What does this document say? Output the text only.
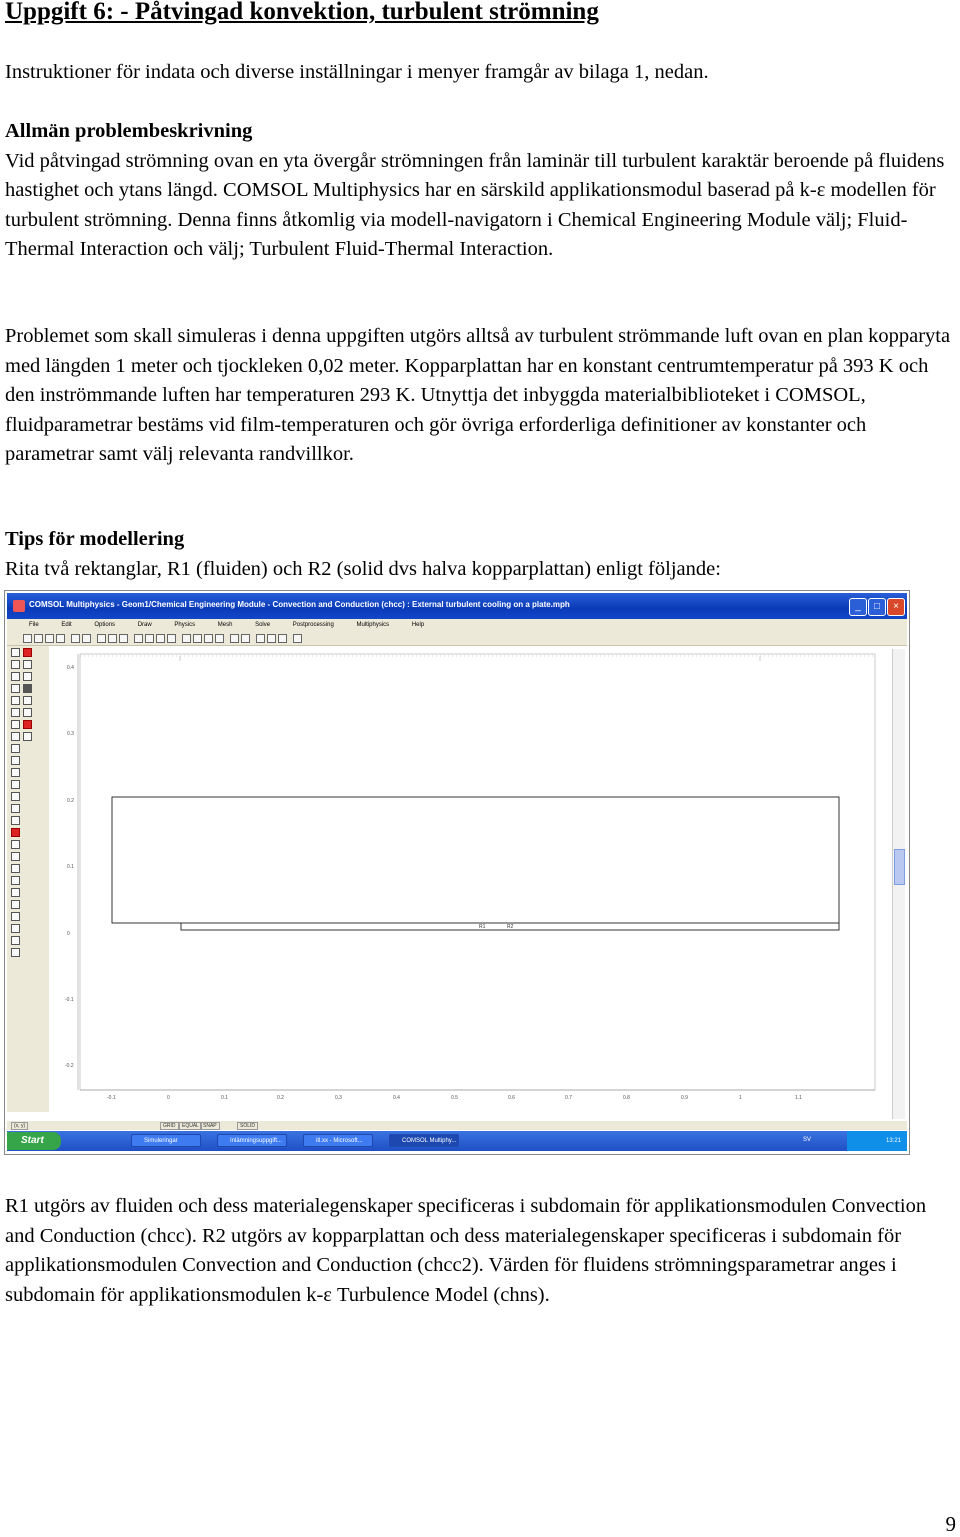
Uppgift 6: - Påtvingad konvektion, turbulent strömning
Instruktioner för indata och diverse inställningar i menyer framgår av bilaga 1, nedan.
Allmän problembeskrivning
Vid påtvingad strömning ovan en yta övergår strömningen från laminär till turbulent karaktär beroende på fluidens hastighet och ytans längd. COMSOL Multiphysics har en särskild applikationsmodul baserad på k-ε modellen för turbulent strömning. Denna finns åtkomlig via modell-navigatorn i Chemical Engineering Module välj; Fluid-Thermal Interaction och välj; Turbulent Fluid-Thermal Interaction.
Problemet som skall simuleras i denna uppgiften utgörs alltså av turbulent strömmande luft ovan en plan kopparyta med längden 1 meter och tjockleken 0,02 meter. Kopparplattan har en konstant centrumtemperatur på 393 K och den inströmmande luften har temperaturen 293 K. Utnyttja det inbyggda materialbiblioteket i COMSOL, fluidparametrar bestäms vid film-temperaturen och gör övriga erforderliga definitioner av konstanter och parametrar samt välj relevanta randvillkor.
Tips för modellering
Rita två rektanglar, R1 (fluiden) och R2 (solid dvs halva kopparplattan) enligt följande:
COMSOL Multiphysics - Geom1/Chemical Engineering Module - Convection and Conduction (chcc) : External turbulent cooling on a plate.mph	_	□	×
File	Edit	Options	Draw	Physics	Mesh	Solve	Postprocessing	Multiphysics	Help
0.4
0.3
0.2
0.1
0
-0.1
-0.2
-0.1	0	0.1	0.2	0.3	0.4	0.5	0.6	0.7	0.8	0.9	1	1.1
R1	R2
(x, y)	GRID	EQUAL SNAP	SOLID
Start	Simuleringar	Inlämningsuppgift...	itl.xx - Microsoft...	COMSOL Multiphy...	SV	13:21
R1 utgörs av fluiden och dess materialegenskaper specificeras i subdomain för applikationsmodulen Convection and Conduction (chcc). R2 utgörs av kopparplattan och dess materialegenskaper specificeras i subdomain för applikationsmodulen Convection and Conduction (chcc2). Värden för fluidens strömningsparametrar anges i subdomain för applikationsmodulen k-ε Turbulence Model (chns).
9
